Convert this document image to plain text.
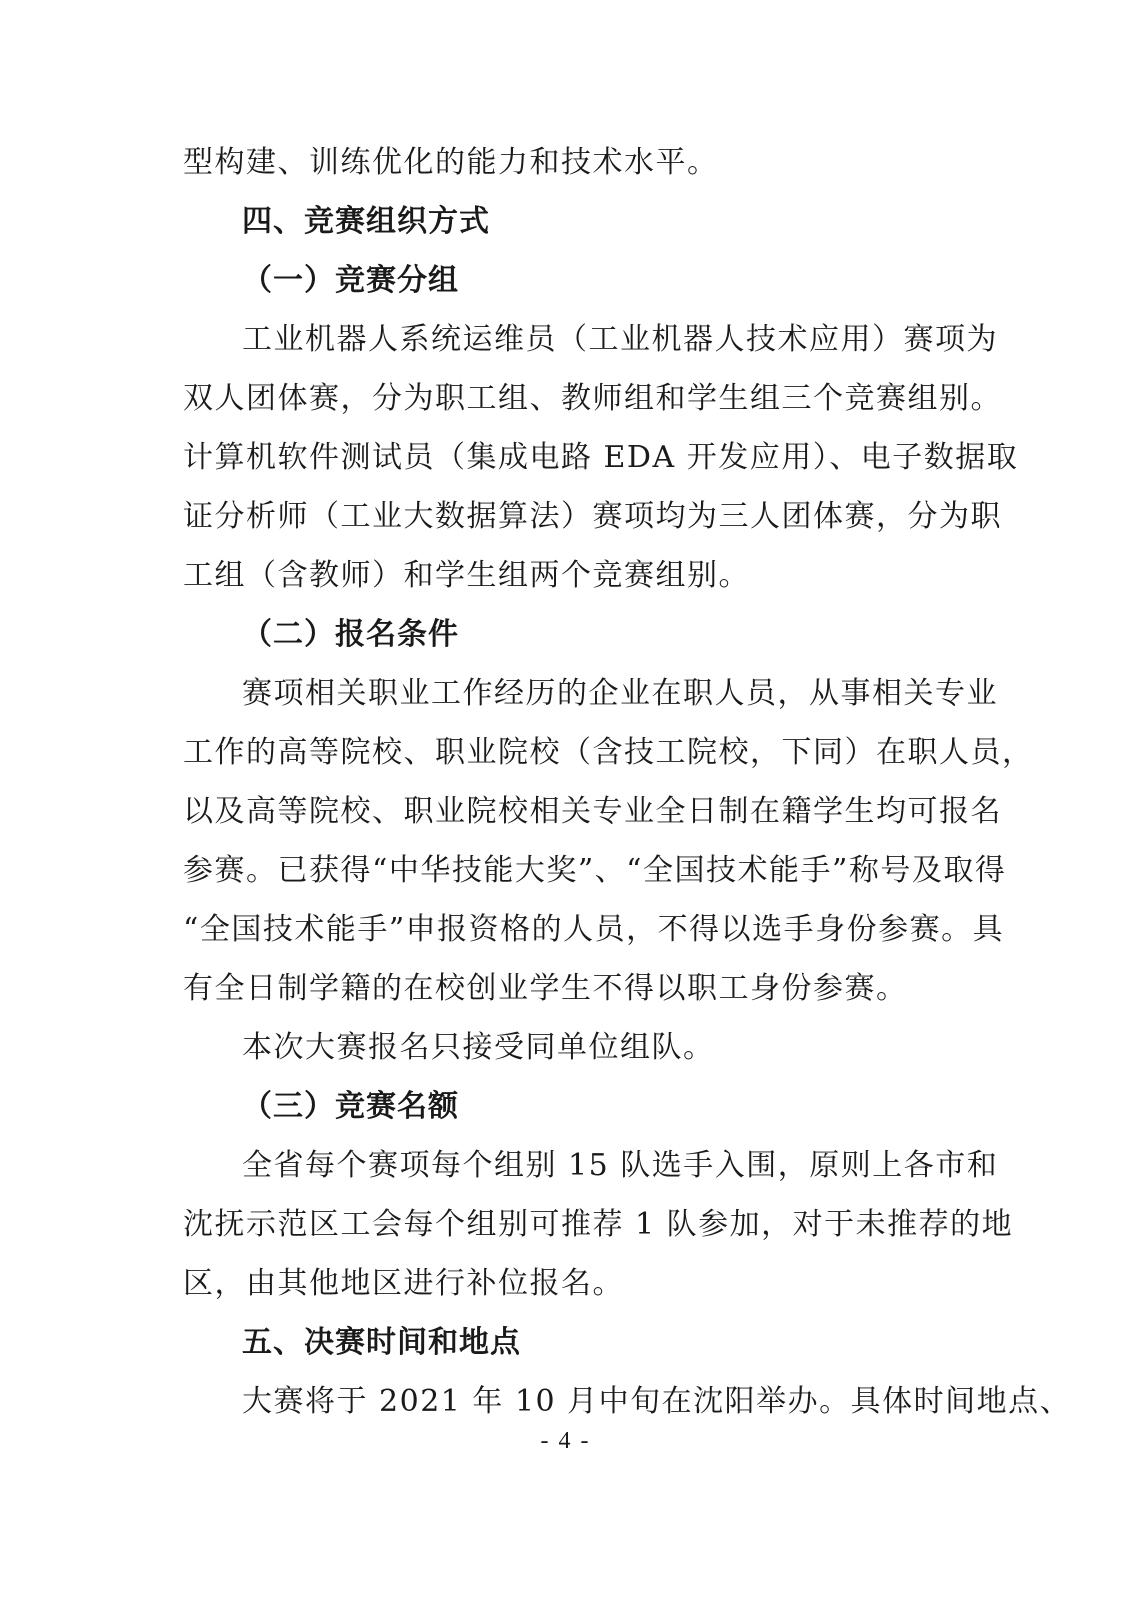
型构建、训练优化的能力和技术水平。
四、竞赛组织方式
（一）竞赛分组
工业机器人系统运维员（工业机器人技术应用）赛项为
双人团体赛，分为职工组、教师组和学生组三个竞赛组别。
计算机软件测试员（集成电路 EDA 开发应用）、电子数据取
证分析师（工业大数据算法）赛项均为三人团体赛，分为职
工组（含教师）和学生组两个竞赛组别。
（二）报名条件
赛项相关职业工作经历的企业在职人员，从事相关专业
工作的高等院校、职业院校（含技工院校，下同）在职人员，
以及高等院校、职业院校相关专业全日制在籍学生均可报名
参赛。已获得“中华技能大奖”、“全国技术能手”称号及取得
“全国技术能手”申报资格的人员，不得以选手身份参赛。具
有全日制学籍的在校创业学生不得以职工身份参赛。
本次大赛报名只接受同单位组队。
（三）竞赛名额
全省每个赛项每个组别 15 队选手入围，原则上各市和
沈抚示范区工会每个组别可推荐 1 队参加，对于未推荐的地
区，由其他地区进行补位报名。
五、决赛时间和地点
大赛将于 2021 年 10 月中旬在沈阳举办。具体时间地点、
- 4 -
